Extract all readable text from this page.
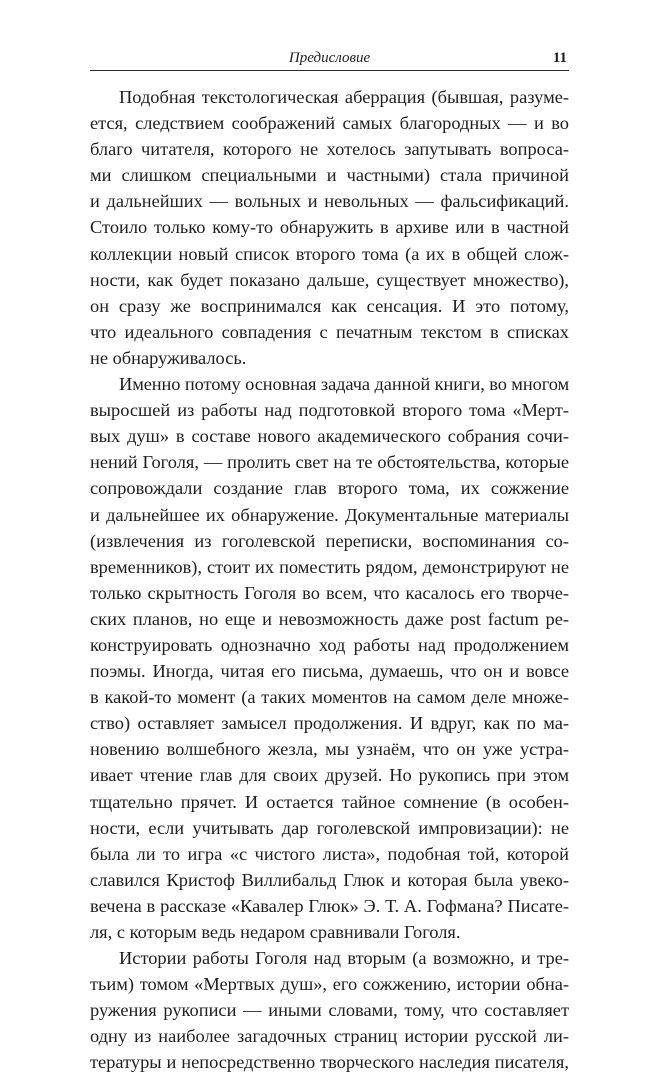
Предисловие	11

Подобная текстологическая аберрация (бывшая, разуме-
ется, следствием соображений самых благородных — и во
благо читателя, которого не хотелось запутывать вопроса-
ми слишком специальными и частными) стала причиной
и дальнейших — вольных и невольных — фальсификаций.
Стоило только кому-то обнаружить в архиве или в частной
коллекции новый список второго тома (а их в общей слож-
ности, как будет показано дальше, существует множество),
он сразу же воспринимался как сенсация. И это потому,
что идеального совпадения с печатным текстом в списках
не обнаруживалось.

Именно потому основная задача данной книги, во многом
выросшей из работы над подготовкой второго тома «Мерт-
вых душ» в составе нового академического собрания сочи-
нений Гоголя, — пролить свет на те обстоятельства, которые
сопровождали создание глав второго тома, их сожжение
и дальнейшее их обнаружение. Документальные материалы
(извлечения из гоголевской переписки, воспоминания со-
временников), стоит их поместить рядом, демонстрируют не
только скрытность Гоголя во всем, что касалось его творче-
ских планов, но еще и невозможность даже post factum ре-
конструировать однозначно ход работы над продолжением
поэмы. Иногда, читая его письма, думаешь, что он и вовсе
в какой-то момент (а таких моментов на самом деле множе-
ство) оставляет замысел продолжения. И вдруг, как по ма-
новению волшебного жезла, мы узнаём, что он уже устра-
ивает чтение глав для своих друзей. Но рукопись при этом
тщательно прячет. И остается тайное сомнение (в особен-
ности, если учитывать дар гоголевской импровизации): не
была ли то игра «с чистого листа», подобная той, которой
славился Кристоф Виллибальд Глюк и которая была увеко-
вечена в рассказе «Кавалер Глюк» Э. Т. А. Гофмана? Писате-
ля, с которым ведь недаром сравнивали Гоголя.

Истории работы Гоголя над вторым (а возможно, и тре-
тьим) томом «Мертвых душ», его сожжению, истории обна-
ружения рукописи — иными словами, тому, что составляет
одну из наиболее загадочных страниц истории русской ли-
тературы и непосредственно творческого наследия писателя,
